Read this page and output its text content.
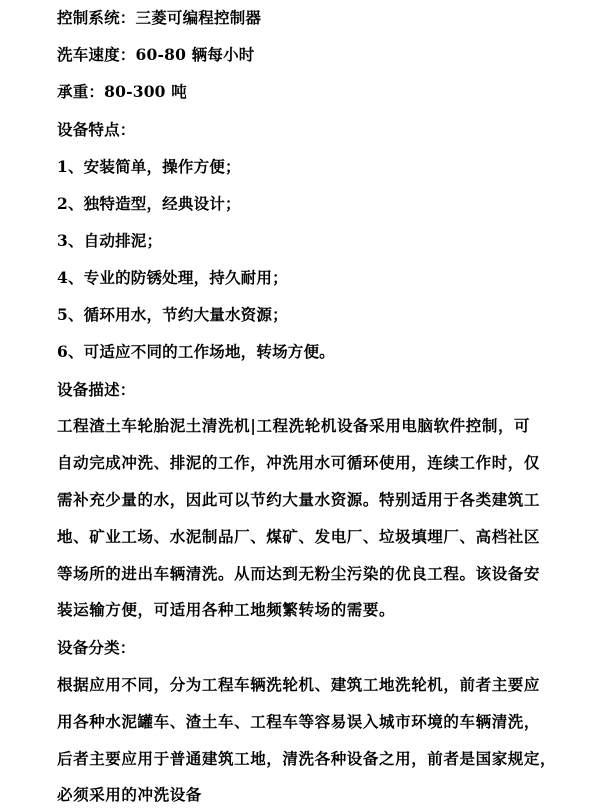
控制系统：三菱可编程控制器
洗车速度：60-80 辆每小时
承重：80-300 吨
设备特点：
1、安装简单，操作方便；
2、独特造型，经典设计；
3、自动排泥；
4、专业的防锈处理，持久耐用；
5、循环用水，节约大量水资源；
6、可适应不同的工作场地，转场方便。
设备描述：
工程渣土车轮胎泥土清洗机|工程洗轮机设备采用电脑软件控制，可
自动完成冲洗、排泥的工作，冲洗用水可循环使用，连续工作时，仅
需补充少量的水，因此可以节约大量水资源。特别适用于各类建筑工
地、矿业工场、水泥制品厂、煤矿、发电厂、垃圾填埋厂、高档社区
等场所的进出车辆清洗。从而达到无粉尘污染的优良工程。该设备安
装运输方便，可适用各种工地频繁转场的需要。
设备分类：
根据应用不同，分为工程车辆洗轮机、建筑工地洗轮机，前者主要应
用各种水泥罐车、渣土车、工程车等容易误入城市环境的车辆清洗，
后者主要应用于普通建筑工地，清洗各种设备之用，前者是国家规定，
必须采用的冲洗设备
